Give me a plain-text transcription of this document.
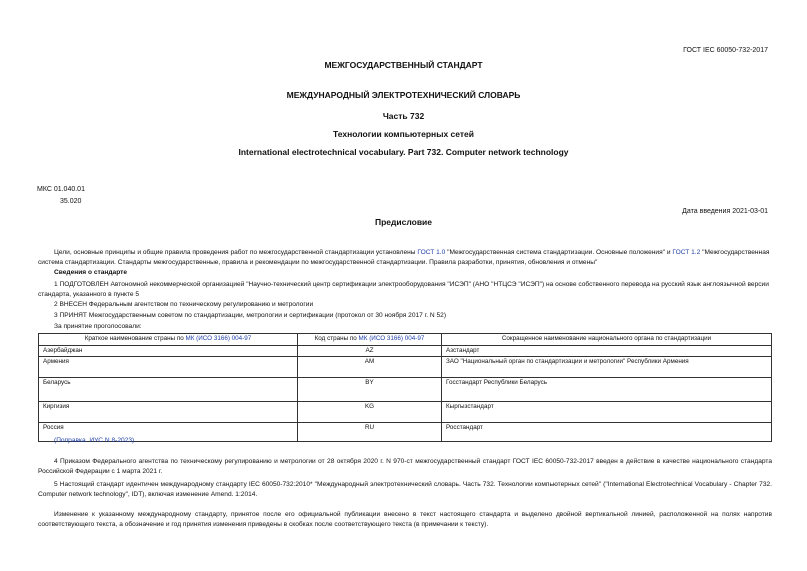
ГОСТ IEC 60050-732-2017
МЕЖГОСУДАРСТВЕННЫЙ СТАНДАРТ
МЕЖДУНАРОДНЫЙ ЭЛЕКТРОТЕХНИЧЕСКИЙ СЛОВАРЬ
Часть 732
Технологии компьютерных сетей
International electrotechnical vocabulary. Part 732. Computer network technology
МКС 01.040.01
35.020
Дата введения 2021-03-01
Предисловие
Цели, основные принципы и общие правила проведения работ по межгосударственной стандартизации установлены ГОСТ 1.0 "Межгосударственная система стандартизации. Основные положения" и ГОСТ 1.2 "Межгосударственная система стандартизации. Стандарты межгосударственные, правила и рекомендации по межгосударственной стандартизации. Правила разработки, принятия, обновления и отмены"
Сведения о стандарте
1 ПОДГОТОВЛЕН Автономной некоммерческой организацией "Научно-технический центр сертификации электрооборудования "ИСЭП" (АНО "НТЦСЭ "ИСЭП") на основе собственного перевода на русский язык англоязычной версии стандарта, указанного в пункте 5
2 ВНЕСЕН Федеральным агентством по техническому регулированию и метрологии
3 ПРИНЯТ Межгосударственным советом по стандартизации, метрологии и сертификации (протокол от 30 ноября 2017 г. N 52)
За принятие проголосовали:
Краткое наименование страны по МК (ИСО 3166) 004-97	Код страны по МК (ИСО 3166) 004-97	Сокращенное наименование национального органа по стандартизации
Азербайджан	AZ	Азстандарт
Армения	AM	ЗАО "Национальный орган по стандартизации и метрологии" Республики Армения
Беларусь	BY	Госстандарт Республики Беларусь
Киргизия	KG	Кыргызстандарт
Россия	RU	Росстандарт
(Поправка. ИУС N 8-2023).
4 Приказом Федерального агентства по техническому регулированию и метрологии от 28 октября 2020 г. N 970-ст межгосударственный стандарт ГОСТ IEC 60050-732-2017 введен в действие в качестве национального стандарта Российской Федерации с 1 марта 2021 г.
5 Настоящий стандарт идентичен международному стандарту IEC 60050-732:2010* "Международный электротехнический словарь. Часть 732. Технологии компьютерных сетей" ("International Electrotechnical Vocabulary - Chapter 732. Computer network technology", IDT), включая изменение Amend. 1:2014.
Изменение к указанному международному стандарту, принятое после его официальной публикации внесено в текст настоящего стандарта и выделено двойной вертикальной линией, расположенной на полях напротив соответствующего текста, а обозначение и год принятия изменения приведены в скобках после соответствующего текста (в примечании к тексту).
